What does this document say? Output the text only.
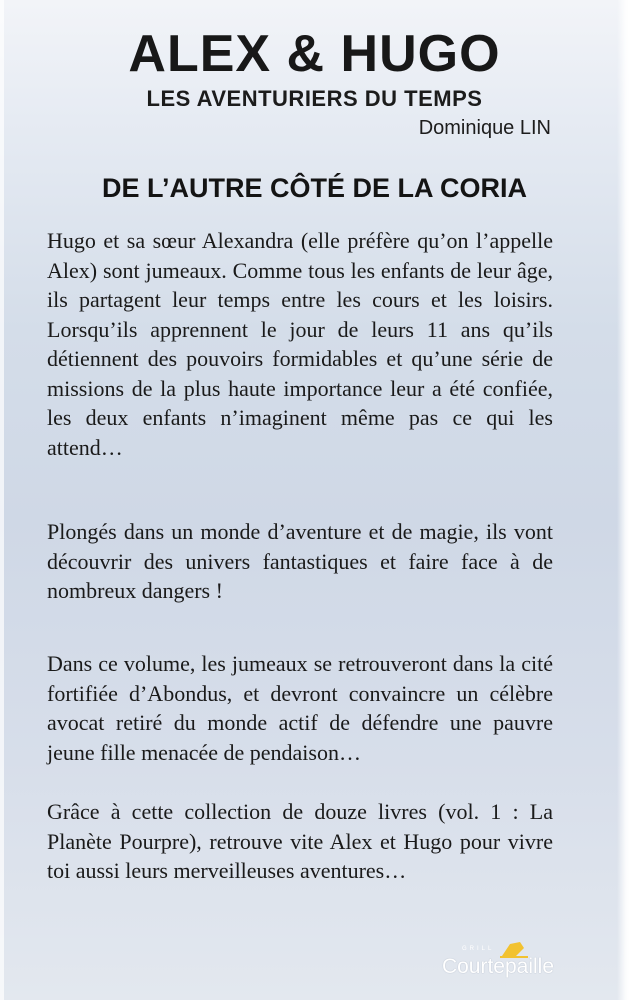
ALEX & HUGO
LES AVENTURIERS DU TEMPS
Dominique LIN
DE L’AUTRE CÔTÉ DE LA CORIA

Hugo et sa sœur Alexandra (elle préfère qu’on l’appelle Alex) sont jumeaux. Comme tous les enfants de leur âge, ils partagent leur temps entre les cours et les loisirs. Lorsqu’ils apprennent le jour de leurs 11 ans qu’ils détiennent des pouvoirs formidables et qu’une série de missions de la plus haute importance leur a été confiée, les deux enfants n’imaginent même pas ce qui les attend…

Plongés dans un monde d’aventure et de magie, ils vont découvrir des univers fantastiques et faire face à de nombreux dangers !

Dans ce volume, les jumeaux se retrouveront dans la cité fortifiée d’Abondus, et devront convaincre un célèbre avocat retiré du monde actif de défendre une pauvre jeune fille menacée de pendaison…

Grâce à cette collection de douze livres (vol. 1 : La Planète Pourpre), retrouve vite Alex et Hugo pour vivre toi aussi leurs merveilleuses aventures…

GRILL
Courtepaille
